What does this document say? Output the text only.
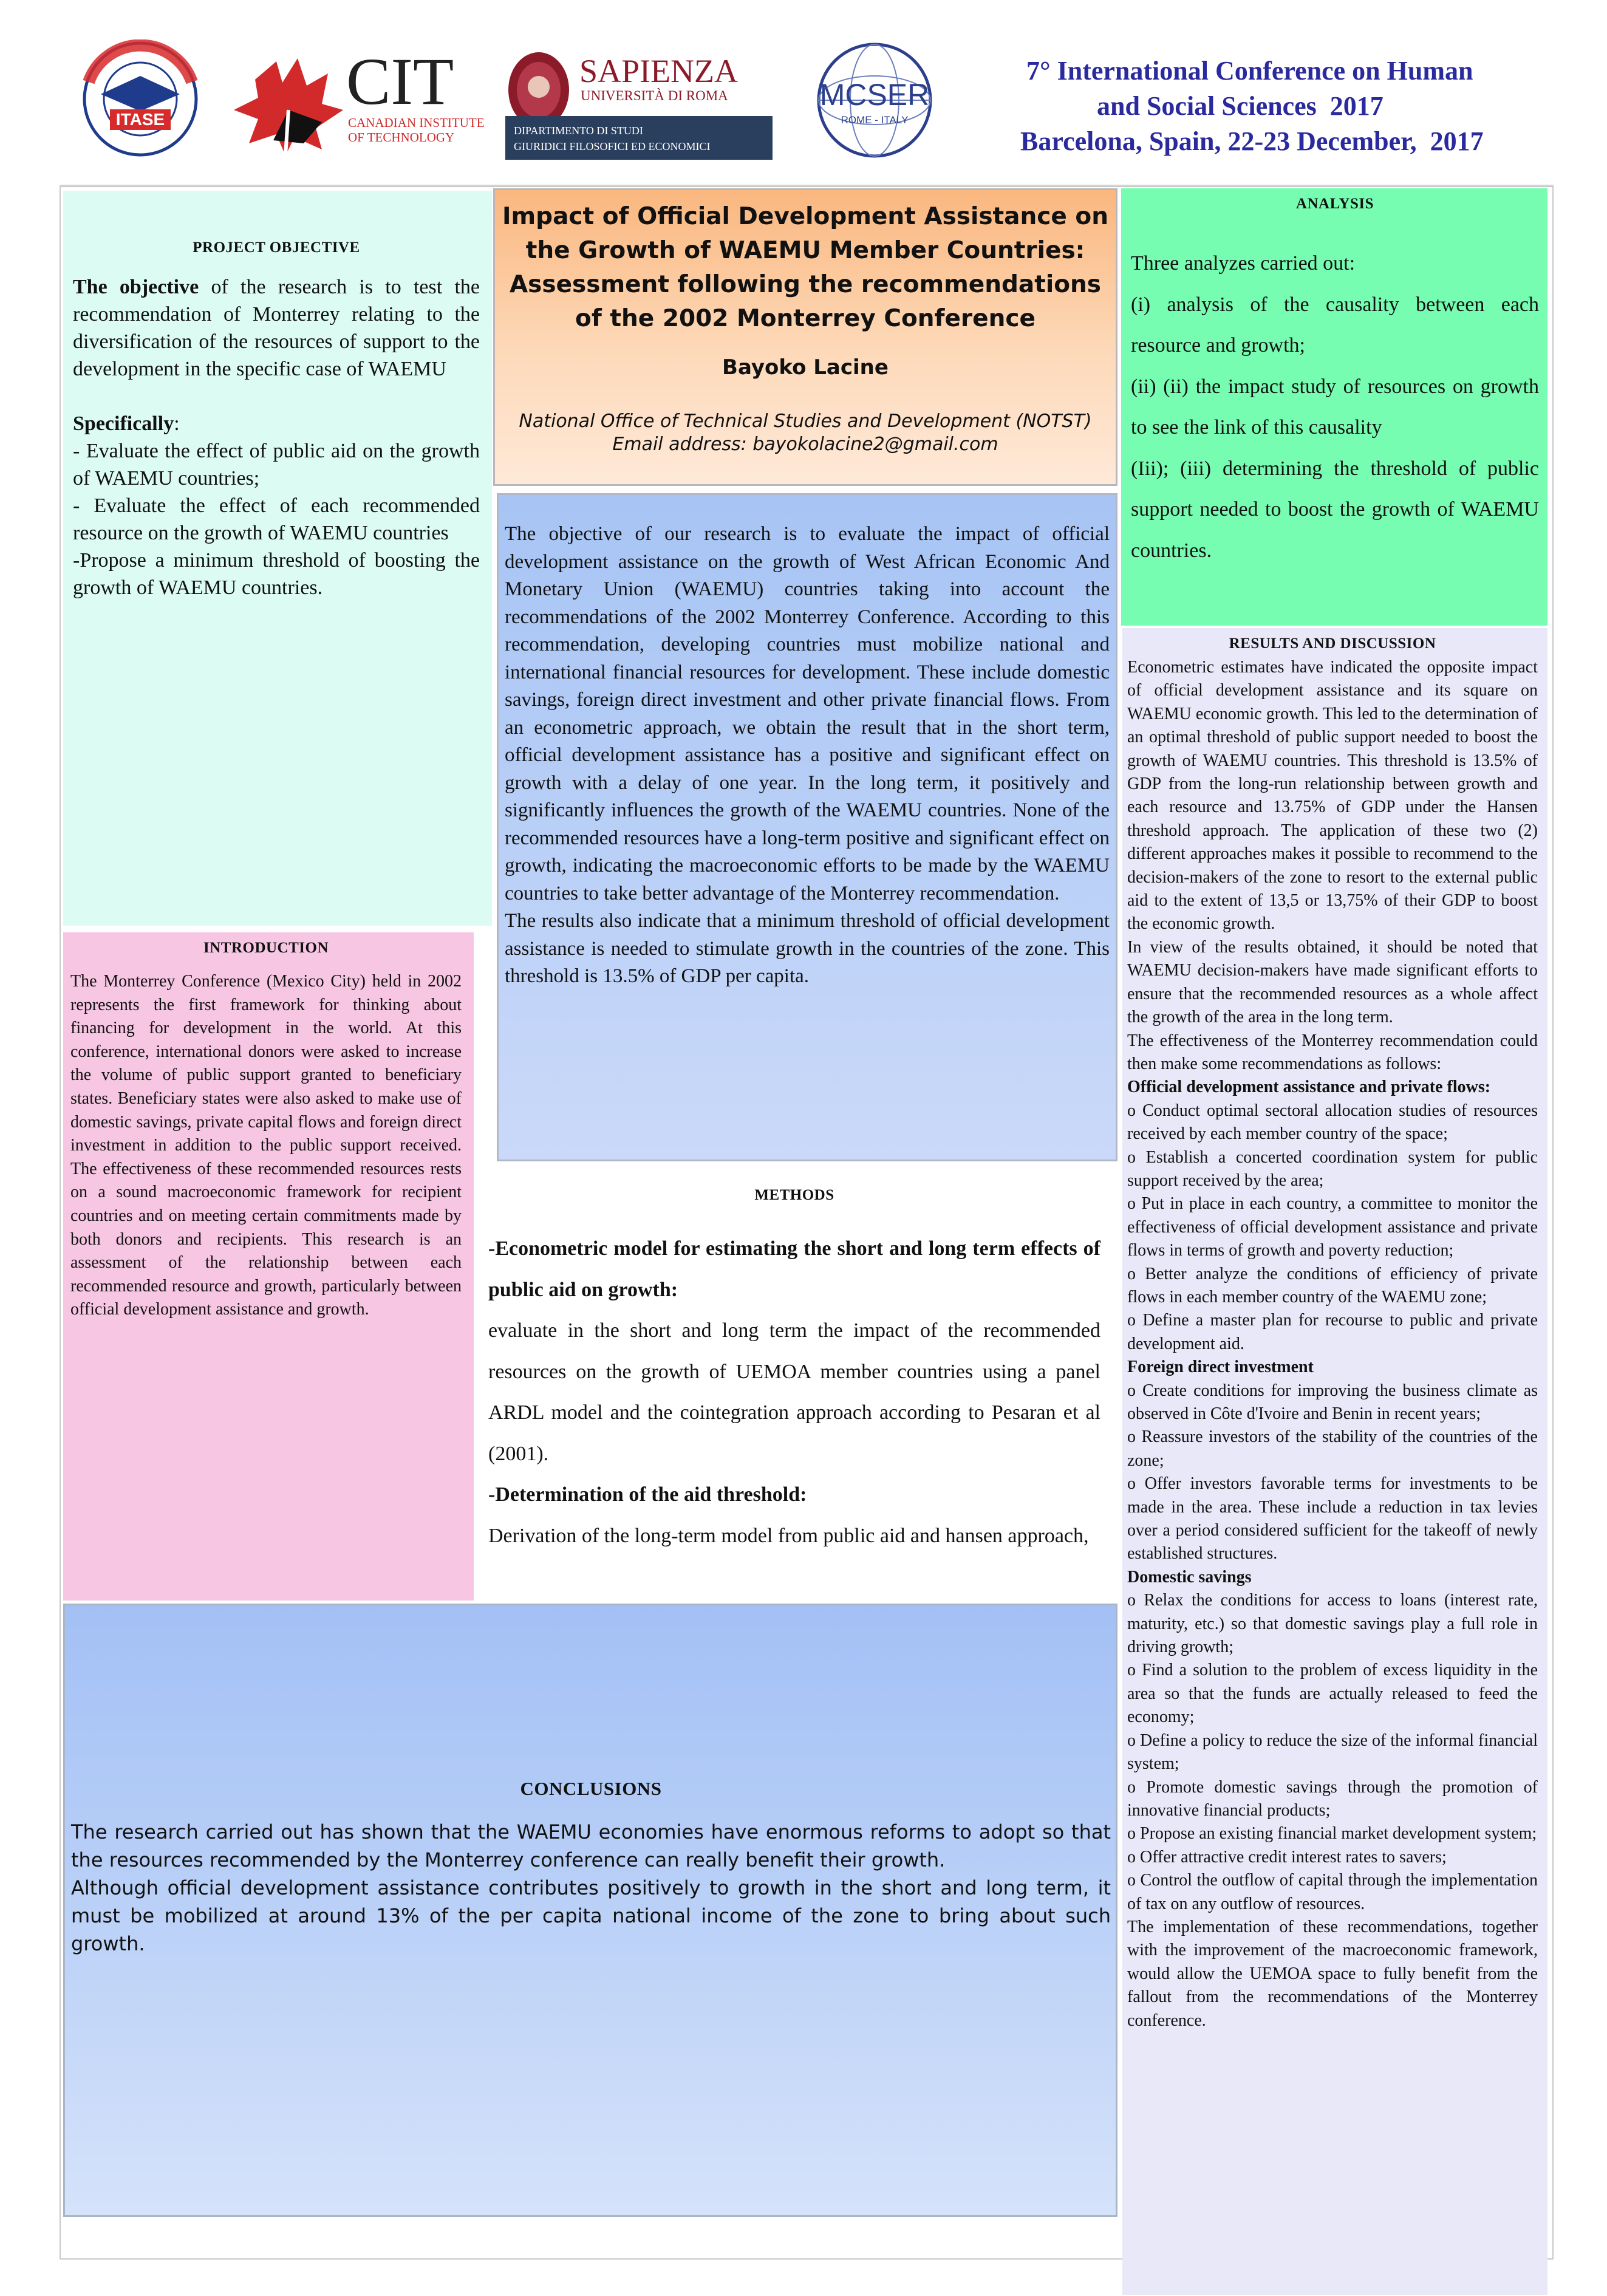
ITASE
CIT
CANADIAN INSTITUTE
OF TECHNOLOGY
SAPIENZA
UNIVERSITÀ DI ROMA
DIPARTIMENTO DI STUDI
GIURIDICI FILOSOFICI ED ECONOMICI
MCSER
ROME - ITALY
7° International Conference on Human
and Social Sciences  2017
Barcelona, Spain, 22-23 December,  2017
PROJECT OBJECTIVE

The objective of the research is to test the recommendation of Monterrey relating to the diversification of the resources of support to the development in the specific case of WAEMU

Specifically:

- Evaluate the effect of public aid on the growth of WAEMU countries;

- Evaluate the effect of each recommended resource on the growth of WAEMU countries

-Propose a minimum threshold of boosting the growth of WAEMU countries.

INTRODUCTION

The Monterrey Conference (Mexico City) held in 2002 represents the first framework for thinking about financing for development in the world. At this conference, international donors were asked to increase the volume of public support granted to beneficiary states. Beneficiary states were also asked to make use of domestic savings, private capital flows and foreign direct investment in addition to the public support received. The effectiveness of these recommended resources rests on a sound macroeconomic framework for recipient countries and on meeting certain commitments made by both donors and recipients. This research is an assessment of the relationship between each recommended resource and growth, particularly between official development assistance and growth.

Impact of Official Development Assistance on the Growth of WAEMU Member Countries: Assessment following the recommendations of the 2002 Monterrey Conference
Bayoko Lacine
National Office of Technical Studies and Development (NOTST)
Email address: bayokolacine2@gmail.com

The objective of our research is to evaluate the impact of official development assistance on the growth of West African Economic And Monetary Union (WAEMU) countries taking into account the recommendations of the 2002 Monterrey Conference. According to this recommendation, developing countries must mobilize national and international financial resources for development. These include domestic savings, foreign direct investment and other private financial flows. From an econometric approach, we obtain the result that in the short term, official development assistance has a positive and significant effect on growth with a delay of one year. In the long term, it positively and significantly influences the growth of the WAEMU countries. None of the recommended resources have a long-term positive and significant effect on growth, indicating the macroeconomic efforts to be made by the WAEMU countries to take better advantage of the Monterrey recommendation.

The results also indicate that a minimum threshold of official development assistance is needed to stimulate growth in the countries of the zone. This threshold is 13.5% of GDP per capita.

METHODS

-Econometric model for estimating the short and long term effects of public aid on growth:

evaluate in the short and long term the impact of the recommended resources on the growth of UEMOA member countries using a panel ARDL model and the cointegration approach according to Pesaran et al (2001).

-Determination of the aid threshold:

Derivation of the long-term model from public aid and hansen approach,

ANALYSIS

Three analyzes carried out:

(i) analysis of the causality between each resource and growth;

(ii) (ii) the impact study of resources on growth to see the link of this causality

(Iii); (iii) determining the threshold of public support needed to boost the growth of WAEMU countries.

RESULTS AND DISCUSSION

Econometric estimates have indicated the opposite impact of official development assistance and its square on WAEMU economic growth. This led to the determination of an optimal threshold of public support needed to boost the growth of WAEMU countries. This threshold is 13.5% of GDP from the long-run relationship between growth and each resource and 13.75% of GDP under the Hansen threshold approach. The application of these two (2) different approaches makes it possible to recommend to the decision-makers of the zone to resort to the external public aid to the extent of 13,5 or 13,75% of their GDP to boost the economic growth.

In view of the results obtained, it should be noted that WAEMU decision-makers have made significant efforts to ensure that the recommended resources as a whole affect the growth of the area in the long term.

The effectiveness of the Monterrey recommendation could then make some recommendations as follows:

Official development assistance and private flows:

o Conduct optimal sectoral allocation studies of resources received by each member country of the space;

o Establish a concerted coordination system for public support received by the area;

o Put in place in each country, a committee to monitor the effectiveness of official development assistance and private flows in terms of growth and poverty reduction;

o Better analyze the conditions of efficiency of private flows in each member country of the WAEMU zone;

o Define a master plan for recourse to public and private development aid.

Foreign direct investment

o Create conditions for improving the business climate as observed in Côte d'Ivoire and Benin in recent years;

o Reassure investors of the stability of the countries of the zone;

o Offer investors favorable terms for investments to be made in the area. These include a reduction in tax levies over a period considered sufficient for the takeoff of newly established structures.

Domestic savings

o Relax the conditions for access to loans (interest rate, maturity, etc.) so that domestic savings play a full role in driving growth;

o Find a solution to the problem of excess liquidity in the area so that the funds are actually released to feed the economy;

o Define a policy to reduce the size of the informal financial system;

o Promote domestic savings through the promotion of innovative financial products;

o Propose an existing financial market development system;

o Offer attractive credit interest rates to savers;

o Control the outflow of capital through the implementation of tax on any outflow of resources.

The implementation of these recommendations, together with the improvement of the macroeconomic framework, would allow the UEMOA space to fully benefit from the fallout from the recommendations of the Monterrey conference.

CONCLUSIONS

The research carried out has shown that the WAEMU economies have enormous reforms to adopt so that the resources recommended by the Monterrey conference can really benefit their growth.

Although official development assistance contributes positively to growth in the short and long term, it must be mobilized at around 13% of the per capita national income of the zone to bring about such growth.
